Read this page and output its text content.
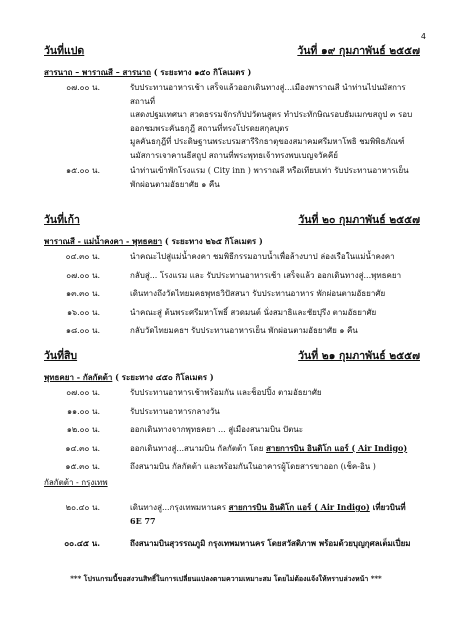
4
วันที่แปด	วันที่ ๑๙ กุมภาพันธ์ ๒๕๕๗
สารนาถ – พาราณสี – สารนาถ ( ระยะทาง ๑๕๐ กิโลเมตร )
๐๗.๐๐ น.	รับประทานอาหารเช้า เสร็จแล้วออกเดินทางสู่...เมืองพาราณสี นำท่านไปนมัสการสถานที่
แสดงปฐมเทศนา สวดธรรมจักรกัปปวัตนสูตร ทำประทักษิณรอบธัมเมกขสถูป ๓ รอบ
ออกชมพระคันธกุฎี สถานที่ทรงโปรดยสกุลบุตร
มูลคันธกุฎีที่ ประดิษฐานพระบรมสารีริกธาตุของสมาคมศรีมหาโพธิ ชมพิพิธภัณฑ์
นมัสการเจาคานธีสถูป สถานที่พระพุทธเจ้าทรงพบเบญจวัคคีย์
๑๕.๐๐ น.	นำท่านเข้าพักโรงแรม ( City inn ) พาราณสี หรือเทียบเท่า รับประทานอาหารเย็น
พักผ่อนตามอัธยาศัย ๑ คืน
วันที่เก้า	วันที่ ๒๐ กุมภาพันธ์ ๒๕๕๗
พาราณสี - แม่น้ำคงคา - พุทธคยา ( ระยะทาง ๒๖๕ กิโลเมตร )
๐๔.๓๐ น.	นำคณะไปสู่แม่น้ำคงคา ชมพิธีกรรมอาบน้ำเพื่อล้างบาป ล่องเรือในแม่น้ำคงคา
๐๗.๐๐ น.	กลับสู่... โรงแรม และ รับประทานอาหารเช้า เสร็จแล้ว ออกเดินทางสู่...พุทธคยา
๑๓.๓๐ น.	เดินทางถึงวัดไทยมคธพุทธวิปัสสนา รับประทานอาหาร พักผ่อนตามอัธยาศัย
๑๖.๐๐ น.	นำคณะสู่ ต้นพระศรีมหาโพธิ์ สวดมนต์ นั่งสมาธิและชัยปุรีง ตามอัธยาศัย
๑๘.๐๐ น.	กลับวัดไทยมคธฯ รับประทานอาหารเย็น พักผ่อนตามอัธยาศัย ๑ คืน
วันที่สิบ	วันที่ ๒๑ กุมภาพันธ์ ๒๕๕๗
พุทธคยา - กัลกัตต้า ( ระยะทาง ๔๕๐ กิโลเมตร )
๐๗.๐๐ น.	รับประทานอาหารเช้าพร้อมกัน และช็อปปิ้ง ตามอัธยาศัย
๑๑.๐๐ น.	รับประทานอาหารกลางวัน
๑๒.๐๐ น.	ออกเดินทางจากพุทธคยา ... สู่เมืองสนามบิน ปัตนะ
๑๔.๓๐ น.	ออกเดินทางสู่...สนามบิน กัลกัตต้า โดย สายการบิน อินดิโก แอร์ ( Air Indigo)
๑๕.๓๐ น.	ถึงสนามบิน กัลกัตต้า และพร้อมกันในอาคารผู้โดยสารขาออก (เช็ค-อิน )
กัลกัตต้า - กรุงเทพ
๒๐.๔๐ น.	เดินทางสู่...กรุงเทพมหานคร สายการบิน อินดิโก แอร์ ( Air Indigo) เที่ยวบินที่ 6E 77
๐๐.๔๕ น.	ถึงสนามบินสุวรรณภูมิ กรุงเทพมหานคร โดยสวัสดิภาพ พร้อมด้วยบุญกุศลเต็มเปี่ยม
*** โปรแกรมนี้ขอสงวนสิทธิ์ในการเปลี่ยนแปลงตามความเหมาะสม โดยไม่ต้องแจ้งให้ทราบล่วงหน้า ***
